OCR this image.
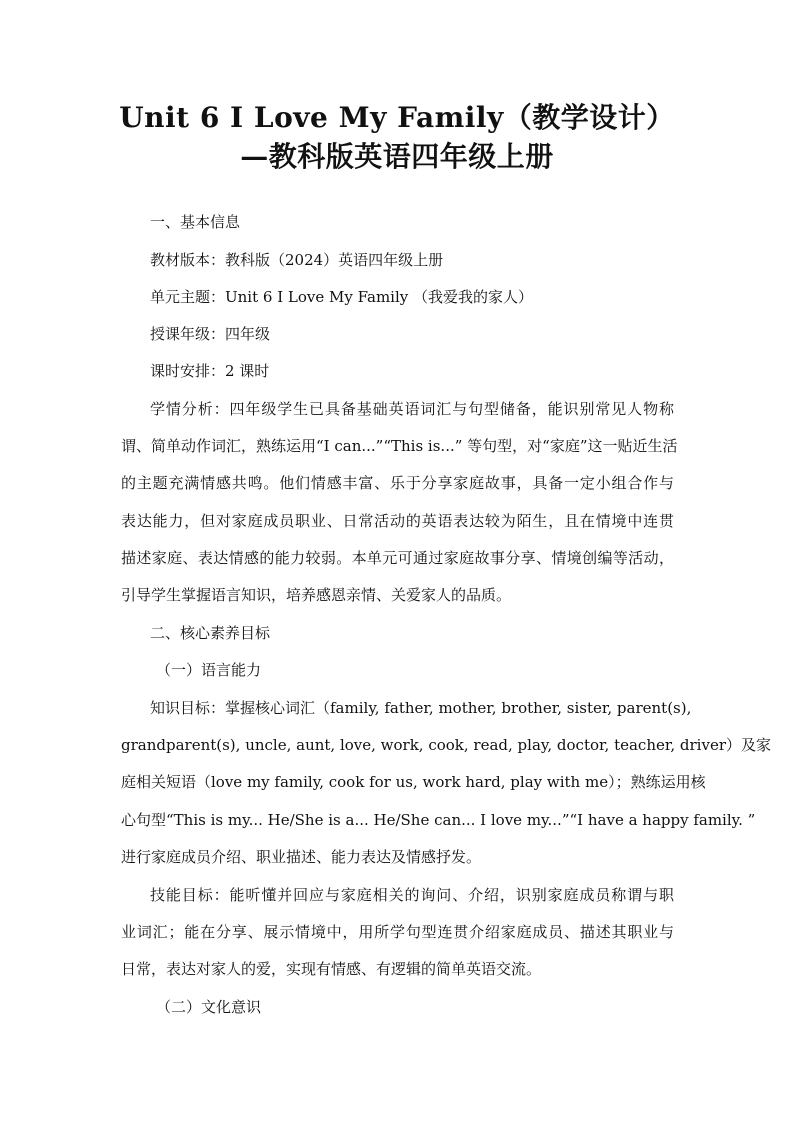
Unit 6 I Love My Family（教学设计）
—教科版英语四年级上册
一、基本信息
教材版本：教科版（2024）英语四年级上册
单元主题：Unit 6 I Love My Family （我爱我的家人）
授课年级：四年级
课时安排：2 课时
学情分析：四年级学生已具备基础英语词汇与句型储备，能识别常见人物称
谓、简单动作词汇，熟练运用“I can...”“This is...” 等句型，对“家庭”这一贴近生活
的主题充满情感共鸣。他们情感丰富、乐于分享家庭故事，具备一定小组合作与
表达能力，但对家庭成员职业、日常活动的英语表达较为陌生，且在情境中连贯
描述家庭、表达情感的能力较弱。本单元可通过家庭故事分享、情境创编等活动，
引导学生掌握语言知识，培养感恩亲情、关爱家人的品质。
二、核心素养目标
（一）语言能力
知识目标：掌握核心词汇（family, father, mother, brother, sister, parent(s),
grandparent(s), uncle, aunt, love, work, cook, read, play, doctor, teacher, driver）及家
庭相关短语（love my family, cook for us, work hard, play with me）；熟练运用核
心句型“This is my... He/She is a... He/She can... I love my...”“I have a happy family. ”
进行家庭成员介绍、职业描述、能力表达及情感抒发。
技能目标：能听懂并回应与家庭相关的询问、介绍，识别家庭成员称谓与职
业词汇；能在分享、展示情境中，用所学句型连贯介绍家庭成员、描述其职业与
日常，表达对家人的爱，实现有情感、有逻辑的简单英语交流。
（二）文化意识
